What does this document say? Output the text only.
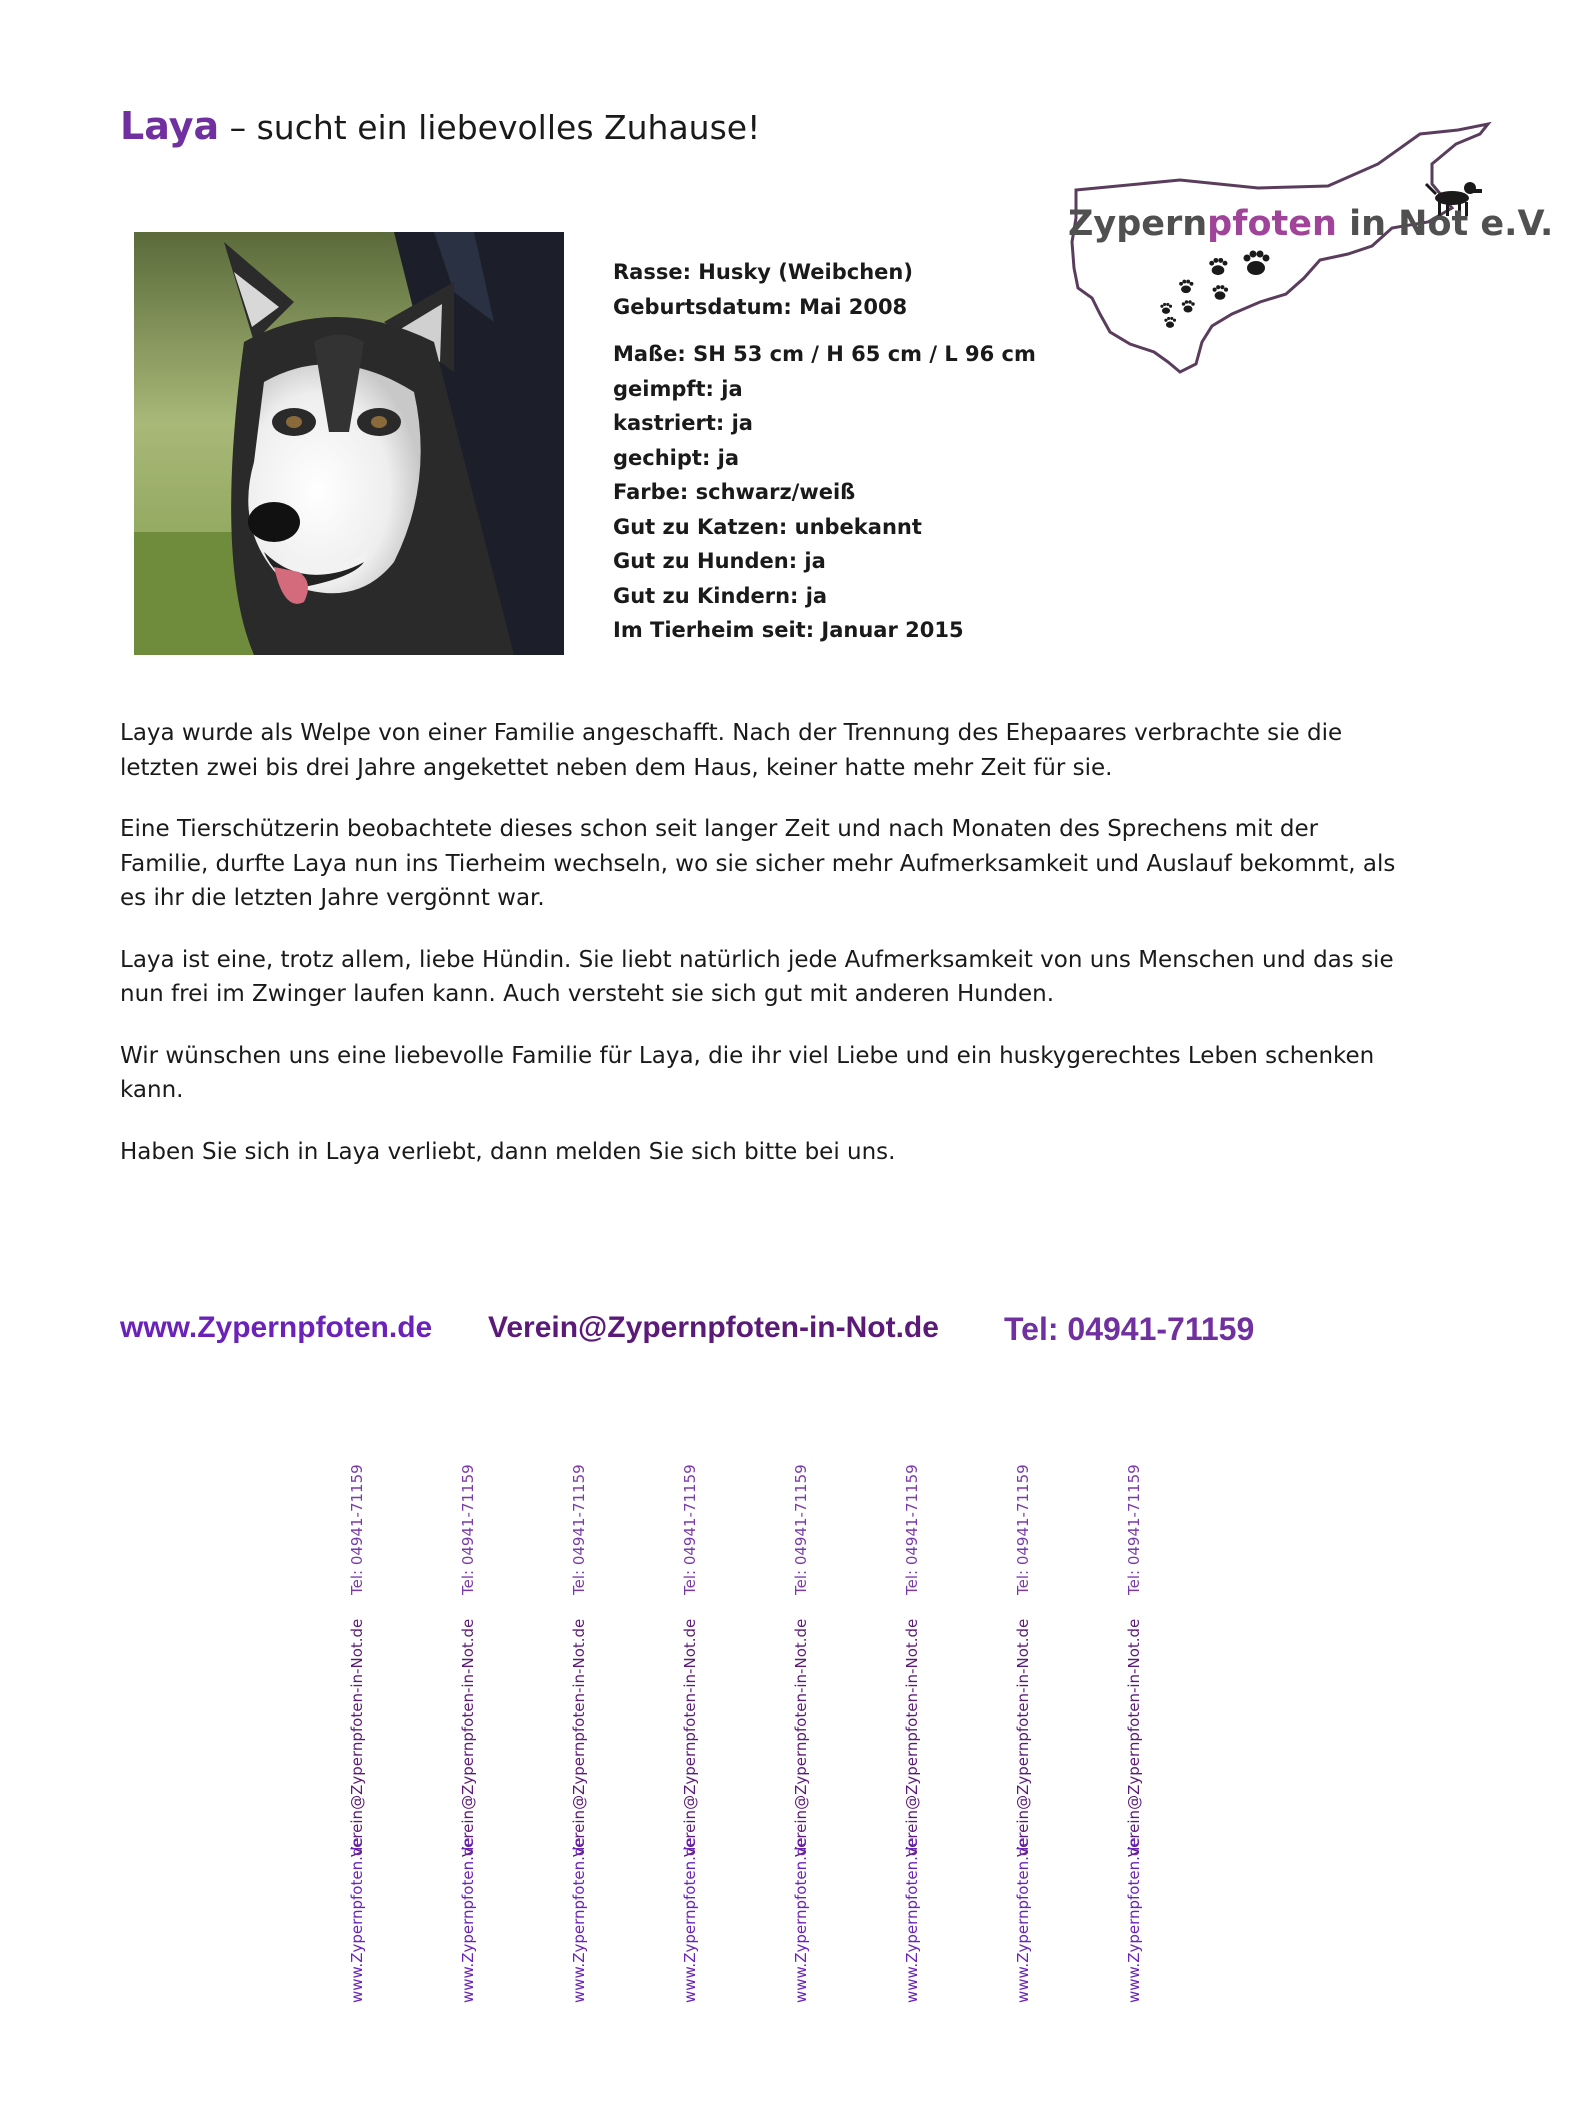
Laya – sucht ein liebevolles Zuhause!
Zypernpfoten in Not e.V.
Rasse: Husky (Weibchen)
Geburtsdatum: Mai 2008
Maße: SH 53 cm / H 65 cm / L 96 cm
geimpft: ja
kastriert: ja
gechipt: ja
Farbe: schwarz/weiß
Gut zu Katzen: unbekannt
Gut zu Hunden: ja
Gut zu Kindern: ja
Im Tierheim seit: Januar 2015

Laya wurde als Welpe von einer Familie angeschafft. Nach der Trennung des Ehepaares verbrachte sie die letzten zwei bis drei Jahre angekettet neben dem Haus, keiner hatte mehr Zeit für sie.

Eine Tierschützerin beobachtete dieses schon seit langer Zeit und nach Monaten des Sprechens mit der Familie, durfte Laya nun ins Tierheim wechseln, wo sie sicher mehr Aufmerksamkeit und Auslauf bekommt, als es ihr die letzten Jahre vergönnt war.

Laya ist eine, trotz allem, liebe Hündin. Sie liebt natürlich jede Aufmerksamkeit von uns Menschen und das sie nun frei im Zwinger laufen kann. Auch versteht sie sich gut mit anderen Hunden.

Wir wünschen uns eine liebevolle Familie für Laya, die ihr viel Liebe und ein huskygerechtes Leben schenken kann.

Haben Sie sich in Laya verliebt, dann melden Sie sich bitte bei uns.

www.Zypernpfoten.de Verein@Zypernpfoten-in-Not.de Tel: 04941-71159
Tel: 04941-71159
Verein@Zypernpfoten-in-Not.de
www.Zypernpfoten.de
Tel: 04941-71159
Verein@Zypernpfoten-in-Not.de
www.Zypernpfoten.de
Tel: 04941-71159
Verein@Zypernpfoten-in-Not.de
www.Zypernpfoten.de
Tel: 04941-71159
Verein@Zypernpfoten-in-Not.de
www.Zypernpfoten.de
Tel: 04941-71159
Verein@Zypernpfoten-in-Not.de
www.Zypernpfoten.de
Tel: 04941-71159
Verein@Zypernpfoten-in-Not.de
www.Zypernpfoten.de
Tel: 04941-71159
Verein@Zypernpfoten-in-Not.de
www.Zypernpfoten.de
Tel: 04941-71159
Verein@Zypernpfoten-in-Not.de
www.Zypernpfoten.de
